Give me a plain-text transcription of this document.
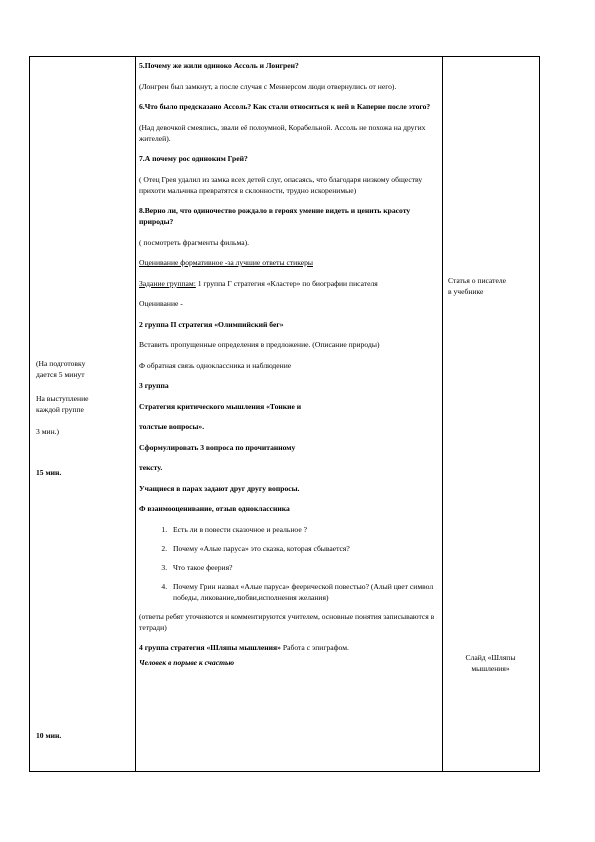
(На подготовку
дается 5 минут
На выступление
каждой группе
3 мин.)
15 мин.
10 мин.

5.Почему же жили одиноко Ассоль и Лонгрен?

(Лонгрен был замкнут, а после случая с Меннерсом люди отвернулись от него).

6.Что было предсказано Ассоль? Как стали относиться к ней в Каперне после этого?

(Над девочкой смеялись, звали её полоумной, Корабельной. Ассоль не похожа на других жителей).

7.А почему рос одиноким Грей?

( Отец Грея удалил из замка всех детей слуг, опасаясь, что благодаря низкому обществу прихоти мальчика превратятся в склонности, трудно искоренимые)

8.Верно ли, что одиночество рождало в героях умение видеть и ценить красоту природы?

( посмотреть фрагменты фильма).

Оценивание формативное -за лучшие ответы стикеры

Задание группам: 1 группа Г стратегия «Кластер» по биографии писателя

Оценивание -

2 группа П стратегия «Олимпийский бег»

Вставить пропущенные определения в предложение. (Описание природы)

Ф обратная связь одноклассника и наблюдение

3 группа

Стратегия критического мышления «Тонкие и

толстые вопросы».

Сформулировать 3 вопроса по прочитанному

тексту.

Учащиеся в парах задают друг другу вопросы.

Ф взаимооценивание, отзыв одноклассника

1. Есть ли в повести сказочное и реальное ?
2. Почему «Алые паруса» это сказка, которая сбывается?
3. Что такое феерия?
4. Почему Грин назвал «Алые паруса» феерической повестью? (Алый цвет символ победы, ликование,любви,исполнения желания)

(ответы ребят уточняются и комментируются учителем, основные понятия записываются в тетради)

4 группа стратегия «Шляпы мышления» Работа с эпиграфом.

Человек в порыве к счастью

Статья о писателе
в учебнике
Слайд «Шляпы
мышления»
